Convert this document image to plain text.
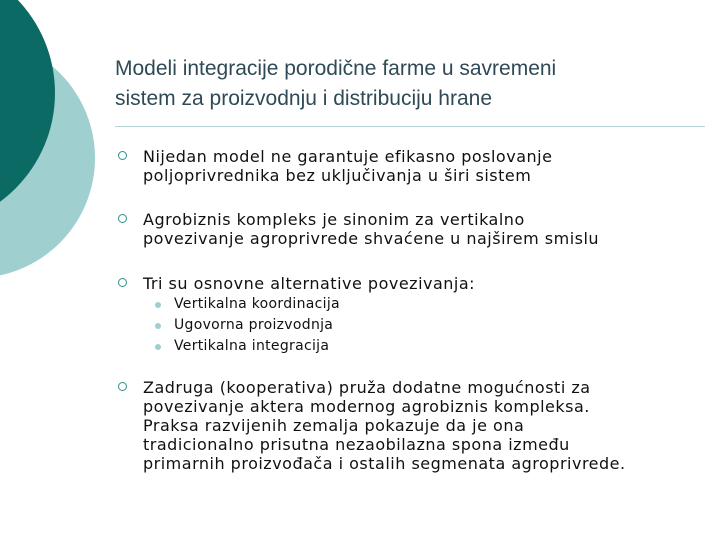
Modeli integracije porodične farme u savremeni
sistem za proizvodnju i distribuciju hrane
Nijedan model ne garantuje efikasno poslovanje
poljoprivrednika bez uključivanja u širi sistem
Agrobiznis kompleks je sinonim za vertikalno
povezivanje agroprivrede shvaćene u najširem smislu
Tri su osnovne alternative povezivanja:
Vertikalna koordinacija
Ugovorna proizvodnja
Vertikalna integracija
Zadruga (kooperativa) pruža dodatne mogućnosti za
povezivanje aktera modernog agrobiznis kompleksa.
Praksa razvijenih zemalja pokazuje da je ona
tradicionalno prisutna nezaobilazna spona između
primarnih proizvođača i ostalih segmenata agroprivrede.
